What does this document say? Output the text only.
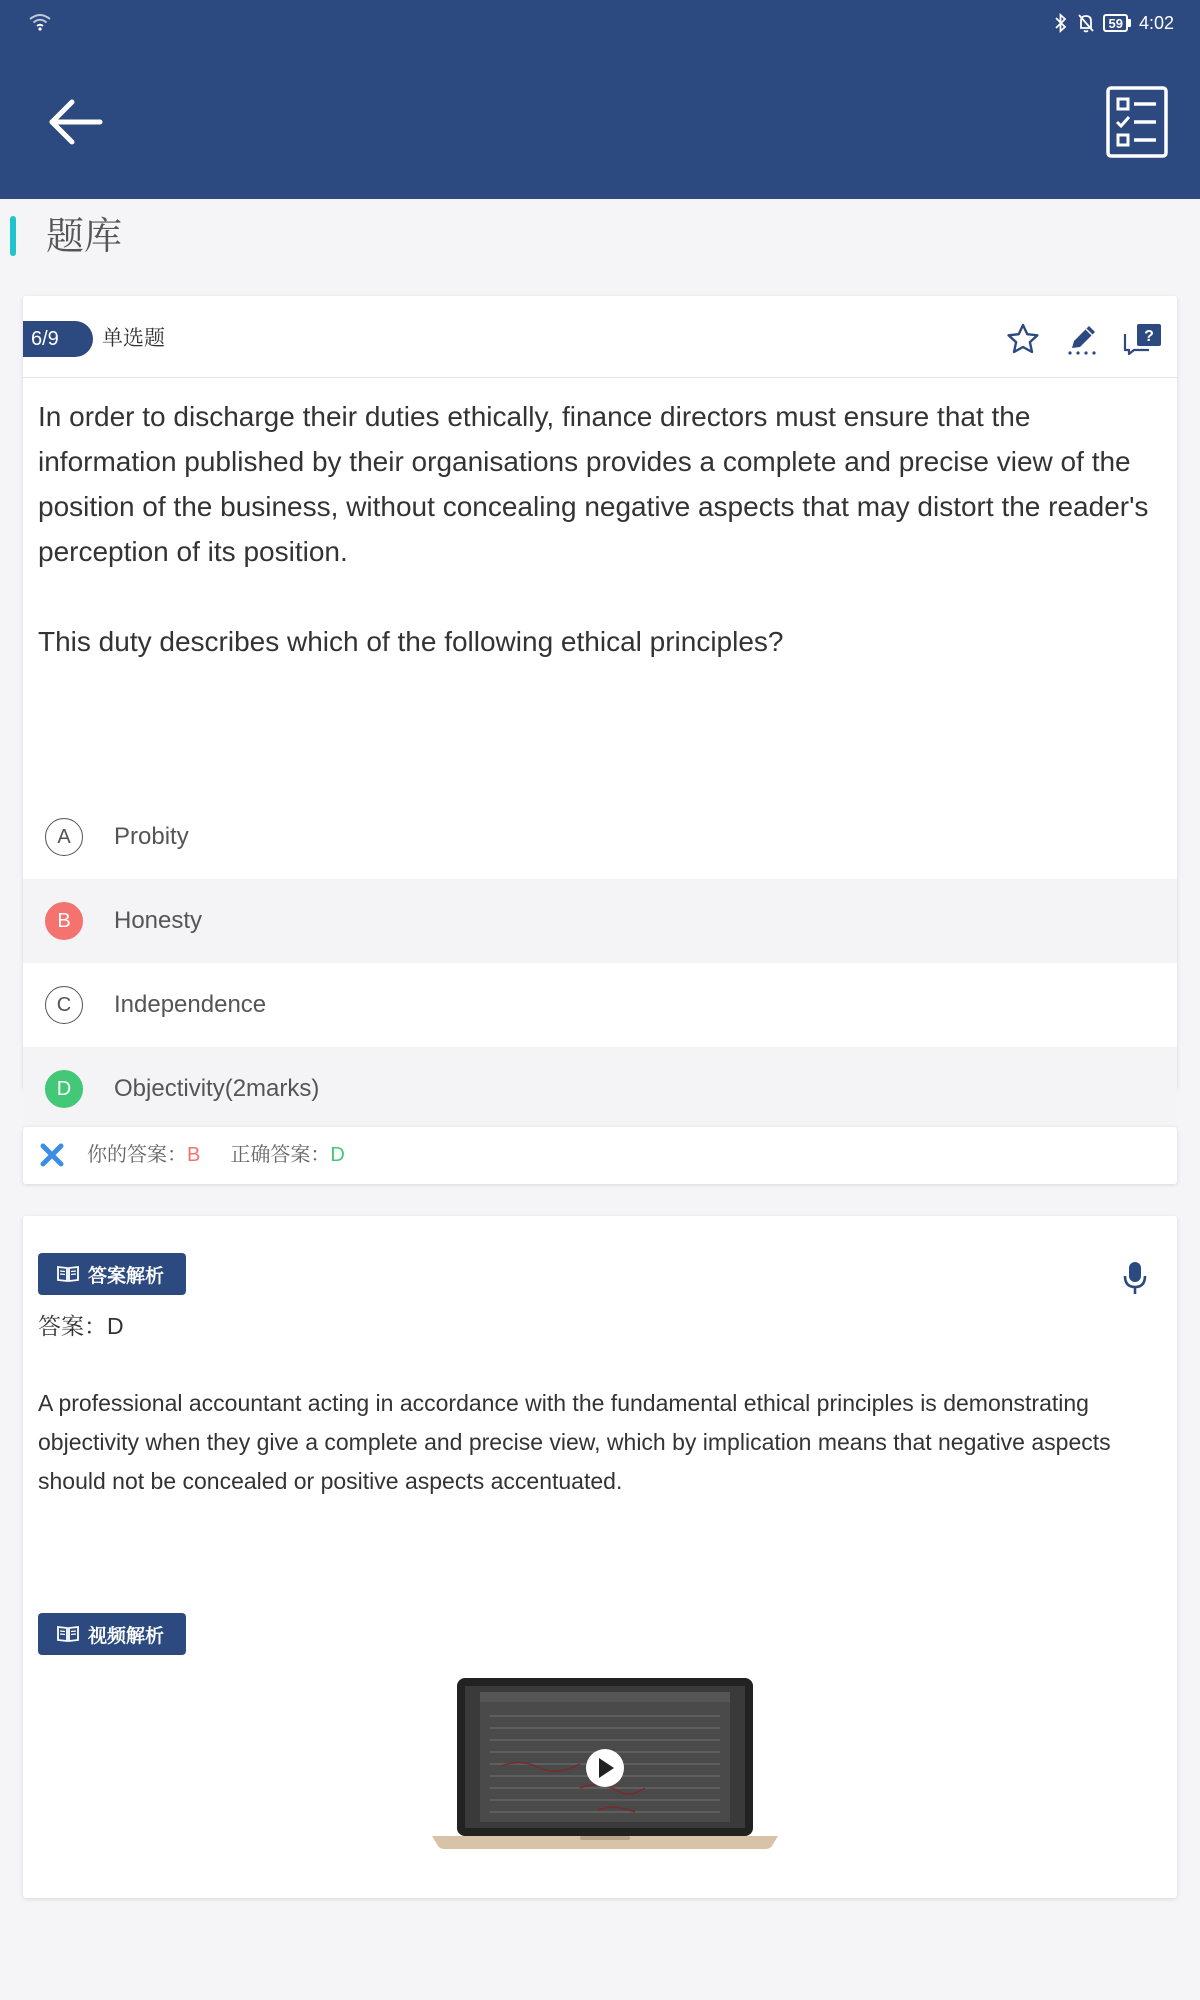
59 4:02
题库
6/9	单选题	?

In order to discharge their duties ethically, finance directors must ensure that the information published by their organisations provides a complete and precise view of the position of the business, without concealing negative aspects that may distort the reader's perception of its position.

This duty describes which of the following ethical principles?

A	Probity
B	Honesty
C	Independence
D	Objectivity(2marks)
你的答案： B 正确答案： D
答案解析
答案：D
A professional accountant acting in accordance with the fundamental ethical principles is demonstrating objectivity when they give a complete and precise view, which by implication means that negative aspects should not be concealed or positive aspects accentuated.
视频解析
